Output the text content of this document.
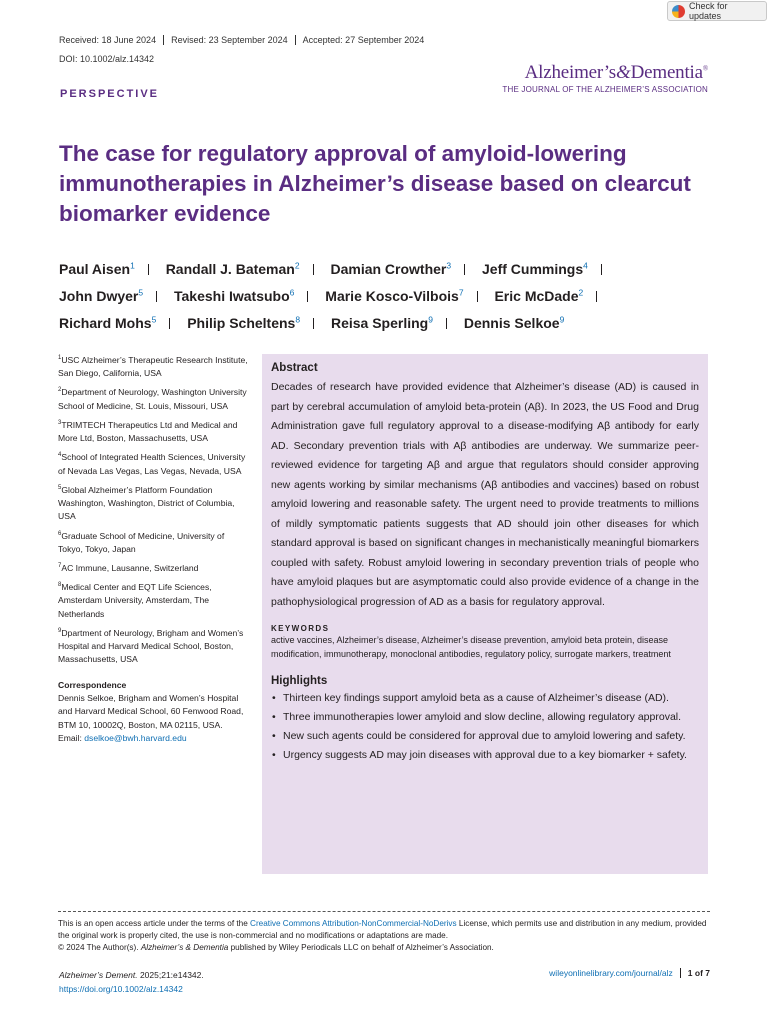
Check for updates
Received: 18 June 2024	Revised: 23 September 2024	Accepted: 27 September 2024
DOI: 10.1002/alz.14342
Alzheimer’s&Dementia®
THE JOURNAL OF THE ALZHEIMER’S ASSOCIATION
PERSPECTIVE
The case for regulatory approval of amyloid-lowering immunotherapies in Alzheimer’s disease based on clearcut biomarker evidence
Paul Aisen$^1$ Randall J. Bateman$^2$ Damian Crowther$^3$ Jeff Cummings$^4$
John Dwyer$^5$ Takeshi Iwatsubo$^6$ Marie Kosco-Vilbois$^7$ Eric McDade$^2$
Richard Mohs$^5$ Philip Scheltens$^8$ Reisa Sperling$^9$ Dennis Selkoe$^9$
$^1$USC Alzheimer’s Therapeutic Research Institute, San Diego, California, USA
$^2$Department of Neurology, Washington University School of Medicine, St. Louis, Missouri, USA
$^3$TRIMTECH Therapeutics Ltd and Medical and More Ltd, Boston, Massachusetts, USA
$^4$School of Integrated Health Sciences, University of Nevada Las Vegas, Las Vegas, Nevada, USA
$^5$Global Alzheimer’s Platform Foundation Washington, Washington, District of Columbia, USA
$^6$Graduate School of Medicine, University of Tokyo, Tokyo, Japan
$^7$AC Immune, Lausanne, Switzerland
$^8$Medical Center and EQT Life Sciences, Amsterdam University, Amsterdam, The Netherlands
$^9$Dpartment of Neurology, Brigham and Women’s Hospital and Harvard Medical School, Boston, Massachusetts, USA
Correspondence
Dennis Selkoe, Brigham and Women’s Hospital and Harvard Medical School, 60 Fenwood Road, BTM 10, 10002Q, Boston, MA 02115, USA.
Email: dselkoe@bwh.harvard.edu
Abstract

Decades of research have provided evidence that Alzheimer’s disease (AD) is caused in part by cerebral accumulation of amyloid beta-protein (Aβ). In 2023, the US Food and Drug Administration gave full regulatory approval to a disease-modifying Aβ antibody for early AD. Secondary prevention trials with Aβ antibodies are underway. We summarize peer-reviewed evidence for targeting Aβ and argue that regulators should consider approving new agents working by similar mechanisms (Aβ antibodies and vaccines) based on robust amyloid lowering and reasonable safety. The urgent need to provide treatments to millions of mildly symptomatic patients suggests that AD should join other diseases for which standard approval is based on significant changes in mechanistically meaningful biomarkers coupled with safety. Robust amyloid lowering in secondary prevention trials of people who have amyloid plaques but are asymptomatic could also provide evidence of a change in the pathophysiological progression of AD as a basis for regulatory approval.

KEYWORDS

active vaccines, Alzheimer’s disease, Alzheimer’s disease prevention, amyloid beta protein, disease modification, immunotherapy, monoclonal antibodies, regulatory policy, surrogate markers, treatment

Highlights
• Thirteen key findings support amyloid beta as a cause of Alzheimer’s disease (AD).
• Three immunotherapies lower amyloid and slow decline, allowing regulatory approval.
• New such agents could be considered for approval due to amyloid lowering and safety.
• Urgency suggests AD may join diseases with approval due to a key biomarker + safety.
This is an open access article under the terms of the Creative Commons Attribution-NonCommercial-NoDerivs License, which permits use and distribution in any medium, provided the original work is properly cited, the use is non-commercial and no modifications or adaptations are made.
© 2024 The Author(s). Alzheimer’s & Dementia published by Wiley Periodicals LLC on behalf of Alzheimer’s Association.
Alzheimer’s Dement. 2025;21:e14342.
https://doi.org/10.1002/alz.14342
wileyonlinelibrary.com/journal/alz	1 of 7
